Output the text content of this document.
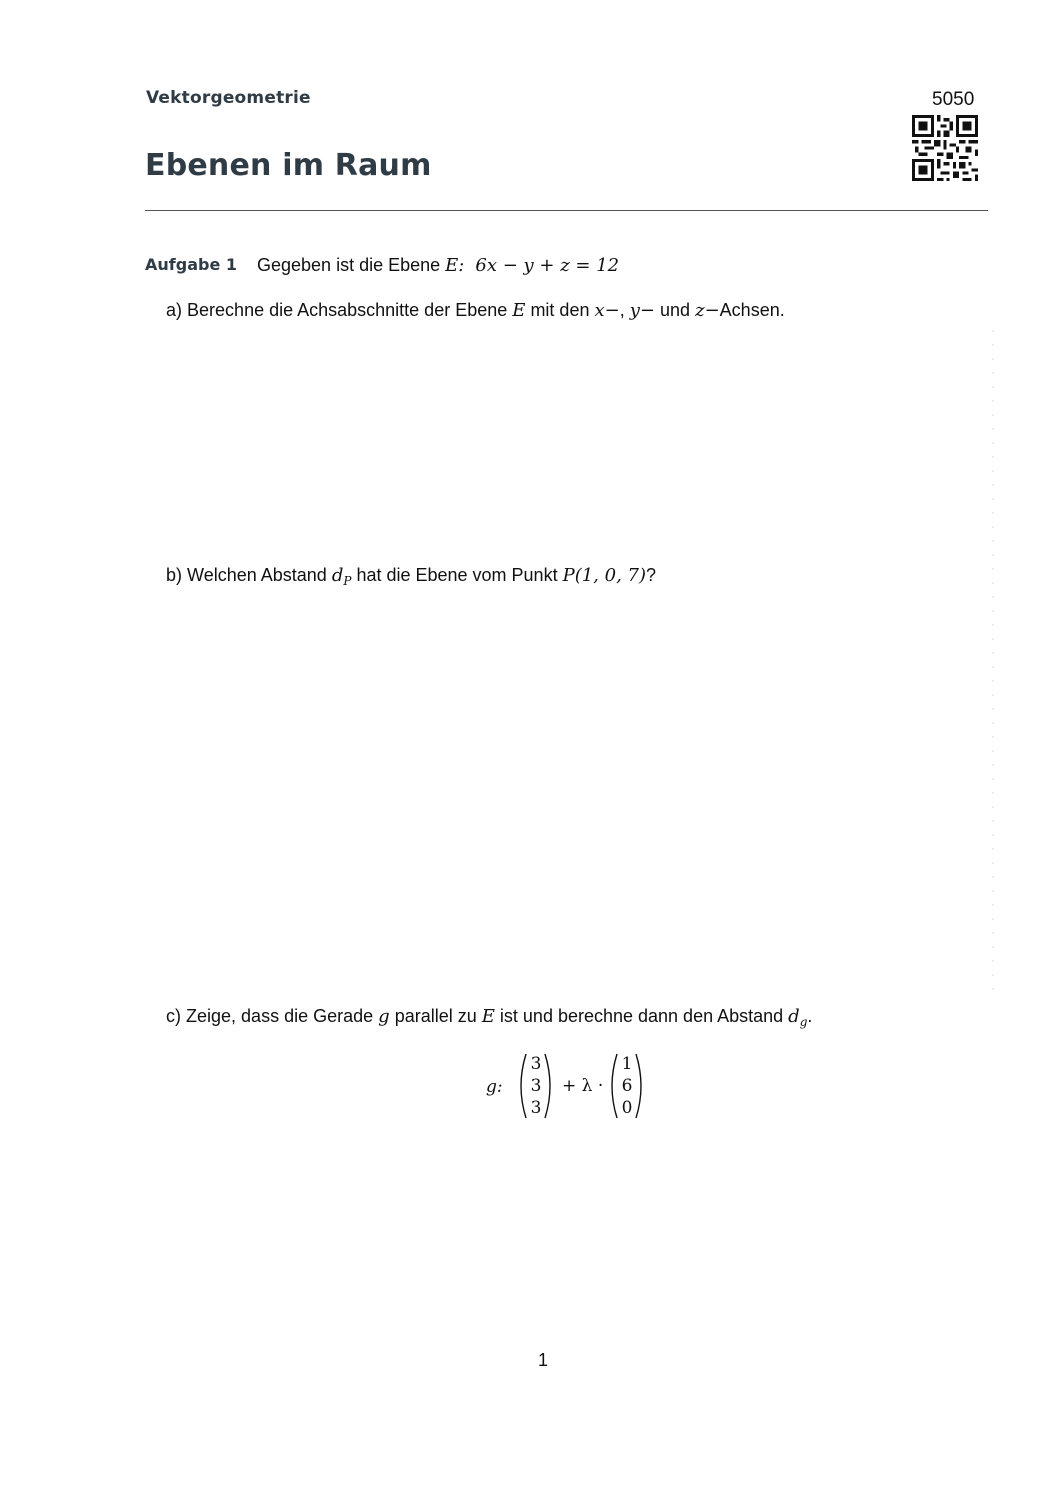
Vektorgeometrie
Ebenen im Raum
5050
Aufgabe 1 Gegeben ist die Ebene E: 6x − y + z = 12
a) Berechne die Achsabschnitte der Ebene E mit den x−, y− und z−Achsen.
b) Welchen Abstand $d_P$ hat die Ebene vom Punkt P(1, 0, 7)?
c) Zeige, dass die Gerade g parallel zu E ist und berechne dann den Abstand $d_g$.
g:
3
3
3
+ λ ·
1
6
0
1
